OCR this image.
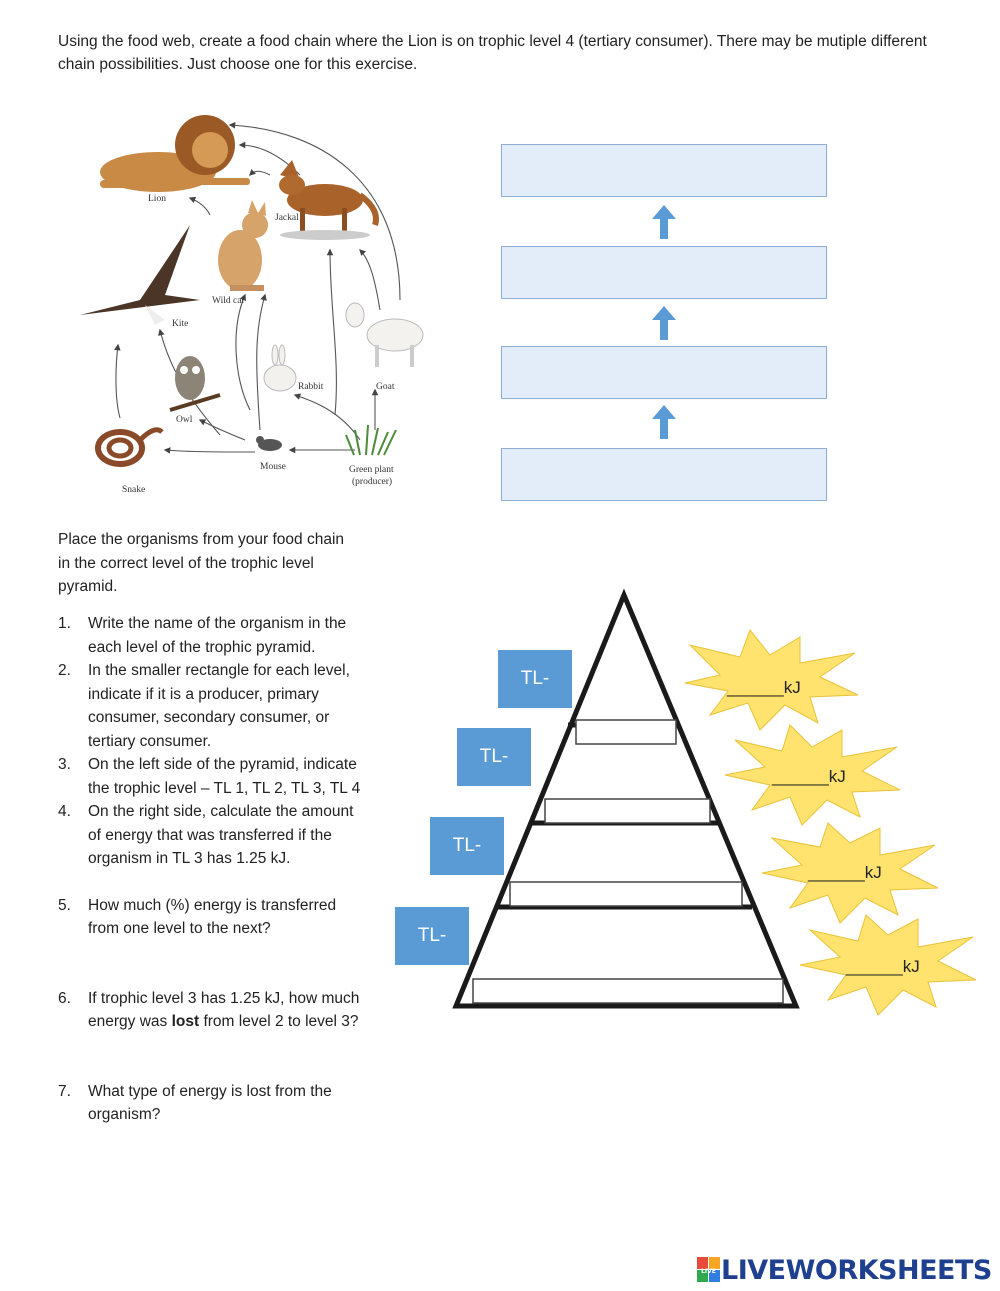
Using the food web, create a food chain where the Lion is on trophic level 4 (tertiary consumer). There may be mutiple different chain possibilities. Just choose one for this exercise.
Lion
Jackal
Wild cat
Kite
Goat
Rabbit
Owl
Mouse
Snake
Green plant
(producer)
Place the organisms from your food chain in the correct level of the trophic level pyramid.
1. Write the name of the organism in the each level of the trophic pyramid.
2. In the smaller rectangle for each level, indicate if it is a producer, primary consumer, secondary consumer, or tertiary consumer.
3. On the left side of the pyramid, indicate the trophic level – TL 1, TL 2, TL 3, TL 4
4. On the right side, calculate the amount of energy that was transferred if the organism in TL 3 has 1.25 kJ.
5. How much (%) energy is transferred from one level to the next?
6. If trophic level 3 has 1.25 kJ, how much energy was lost from level 2 to level 3?
7. What type of energy is lost from the organism?
______kJ
______kJ
______kJ
______kJ
TL-
TL-
TL-
TL-
LIVE LIVEWORKSHEETS
